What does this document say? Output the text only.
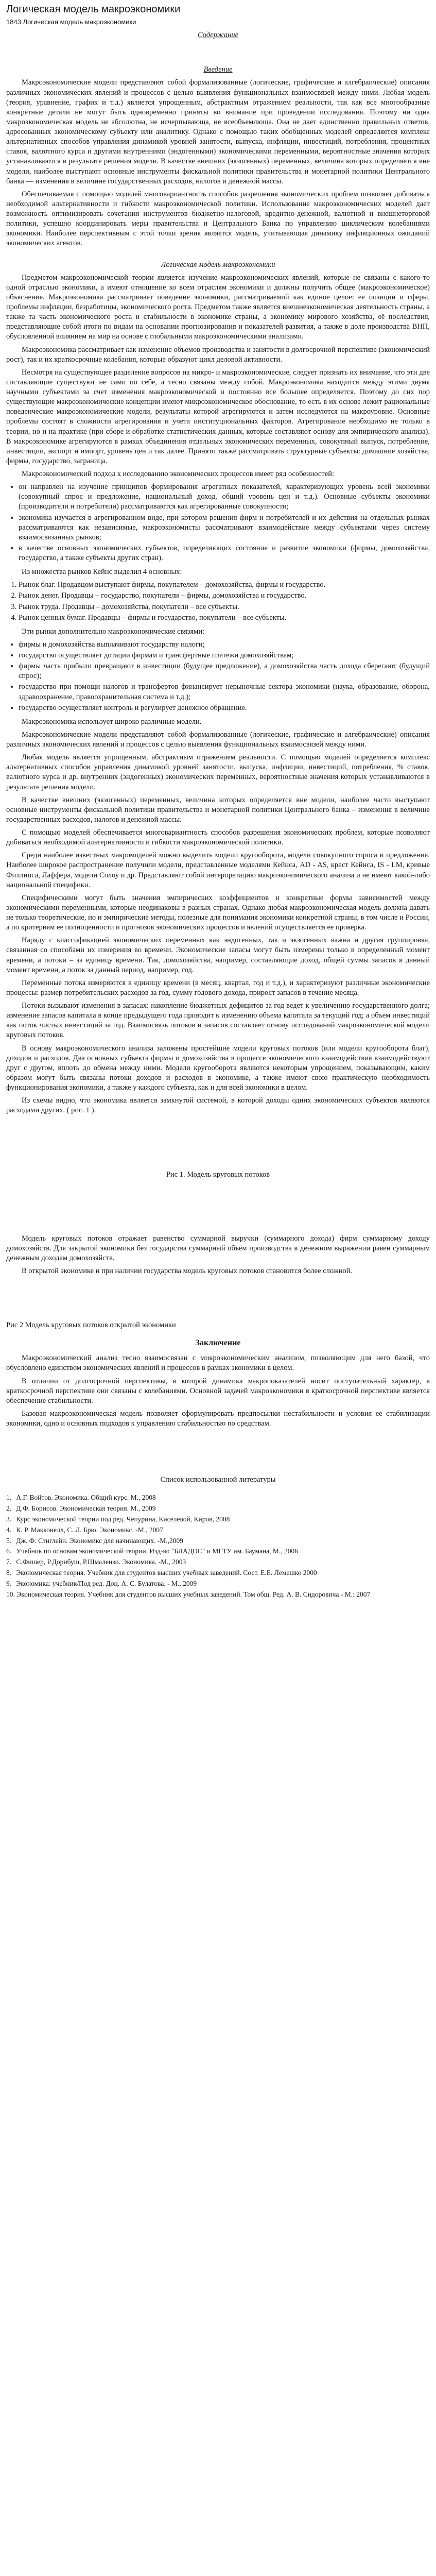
Логическая модель макроэкономики
1843 Логическая модель макроэкономики
Содержание
Введение

Макроэкономические модели представляют собой формализованные (логические, графические и алгебраические) описания различных экономических явлений и процессов с целью выявления функциональных взаимосвязей между ними. Любая модель (теория, уравнение, график и т.д.) является упрощенным, абстрактным отражением реальности, так как все многообразные конкретные детали не могут быть одновременно приняты во внимание при проведении исследования. Поэтому ни одна макроэкономическая модель не абсолютна, не исчерпывающа, не всеобъемлюща. Она не дает единственно правильных ответов, адресованных экономическому субъекту или аналитику. Однако с помощью таких обобщенных моделей определяется комплекс альтернативных способов управления динамикой уровней занятости, выпуска, инфляции, инвестиций, потребления, процентных ставок, валютного курса и другими внутренними (эндогенными) экономическими переменными, вероятностные значения которых устанавливаются в результате решения модели. В качестве внешних (экзогенных) переменных, величина которых определяется вне модели, наиболее выступают основные инструменты фискальной политики правительства и монетарной политики Центрального банка — изменения в величине государственных расходов, налогов и денежной массы.

Обеспечиваемая с помощью моделей многовариантность способов разрешения экономических проблем позволяет добиваться необходимой альтернативности и гибкости макроэкономической политики. Использование макроэкономических моделей дает возможность оптимизировать сочетания инструментов бюджетно-налоговой, кредитно-денежной, валютной и внешнеторговой политики, успешно координировать меры правительства и Центрального Банка по управлению циклическим колебаниями экономики. Наиболее перспективным с этой точки зрения является модель, учитывающая динамику инфляционных ожиданий экономических агентов.

Логическая модель макроэкономики

Предметом макроэкономической теории является изучение макроэкономических явлений, которые не связаны с какого-то одной отраслью экономики, а имеют отношение ко всем отраслям экономики и должны получить общее (макроэкономическое) объяснение. Макроэкономика рассматривает поведение экономики, рассматриваемой как единое целое: ее позиции и сферы, проблемы инфляции, безработицы, экономического роста. Предметом также является внешнеэкономическая деятельность страны, а также та часть экономического роста и стабильности в экономике страны, а экономику мирового хозяйства, её последствия, представляющие собой итоги по видам на основании прогнозирования и показателей развития, а также в доле производства ВНП, обусловленной влиянием на мир на основе с глобальными макроэкономическими анализами.

Макроэкономика рассматривает как изменение объемов производства и занятости в долгосрочной перспективе (экономический рост), так и их краткосрочные колебания, которые образуют цикл деловой активности.

Несмотря на существующее разделение вопросов на микро- и макроэкономические, следует признать их внимание, что эти две составляющие существуют не сами по себе, а тесно связаны между собой. Макроэкономика находится между этими двумя научными субъектами за счет изменения макроэкономической и постоянно все большее определяется. Поэтому до сих пор существующие макроэкономические концепции имеют микроэкономическое обоснование, то есть в их основе лежит рациональные поведенческие макроэкономические модели, результаты которой агрегируются и затем исследуются на макроуровне. Основные проблемы состоят в сложности агрегирования и учета институциональных факторов. Агрегирование необходимо не только в теории, но и на практике (при сборе и обработке статистических данных, которые составляют основу для эмпирического анализа). В макроэкономике агрегируются в рамках объединения отдельных экономических переменных, совокупный выпуск, потребление, инвестиции, экспорт и импорт, уровень цен и так далее. Принято также рассматривать структурные субъекты: домашние хозяйства, фирмы, государство, заграница.

Макроэкономический подход к исследованию экономических процессов имеет ряд особенностей:

• он направлен на изучение принципов формирования агрегатных показателей, характеризующих уровень всей экономики (совокупный спрос и предложение, национальный доход, общий уровень цен и т.д.). Основные субъекты экономики (производители и потребители) рассматриваются как агрегированные совокупности;
• экономика изучается в агрегированном виде, при котором решения фирм и потребителей и их действия на отдельных рынках рассматриваются как независимые, макроэкономисты рассматривают взаимодействие между субъектами через систему взаимосвязанных рынков;
• в качестве основных экономических субъектов, определяющих состояние и развитие экономики (фирмы, домохозяйства, государство, а также субъекты других стран).

Из множества рынков Кейнс выделил 4 основных:

1. Рынок благ. Продавцом выступают фирмы, покупателем – домохозяйства, фирмы и государство.
2. Рынок денег. Продавцы – государство, покупатели – фирмы, домохозяйства и государство.
3. Рынок труда. Продавцы – домохозяйства, покупатели – все субъекты.
4. Рынок ценных бумаг. Продавцы – фирмы и государство, покупатели – все субъекты.

Эти рынки дополнительно макроэкономические связями:

• фирмы и домохозяйства выплачивают государству налоги;
• государство осуществляет дотации фирмам и трансфертные платежи домохозяйствам;
• фирмы часть прибыли превращают в инвестиции (будущее предложение), а домохозяйства часть дохода сберегают (будущий спрос);
• государство при помощи налогов и трансфертов финансирует нерыночные сектора экономики (наука, образование, оборона, здравоохранение, правоохранительная система и т.д.);
• государство осуществляет контроль и регулирует денежное обращение.

Макроэкономика использует широко различные модели.

Макроэкономические модели представляют собой формализованные (логические, графические и алгебраические) описания различных экономических явлений и процессов с целью выявления функциональных взаимосвязей между ними.

Любая модель является упрощенным, абстрактным отражением реальности. С помощью моделей определяется комплекс альтернативных способов управления динамикой уровней занятости, выпуска, инфляции, инвестиций, потребления, % ставок, валютного курса и др. внутренних (эндогенных) экономических переменных, вероятностные значения которых устанавливаются в результате решения модели.

В качестве внешних (экзогенных) переменных, величина которых определяется вне модели, наиболее часто выступают основные инструменты фискальной политики правительства и монетарной политики Центрального банка – изменения в величине государственных расходов, налогов и денежной массы.

С помощью моделей обеспечивается многовариантность способов разрешения экономических проблем, которые позволяют добиваться необходимой альтернативности и гибкости макроэкономической политики.

Среди наиболее известных макромоделей можно выделить модели кругооборота, модели совокупного спроса и предложения. Наиболее широкое распространение получили модели, представленные моделями Кейнса, AD - AS, крест Кейнса, IS - LM, кривые Филлипса, Лаффера, модели Солоу и др. Представляют собой интерпретацию макроэкономического анализа и не имеют какой-либо национальной специфики.

Специфическими могут быть значения эмпирических коэффициентов и конкретные формы зависимостей между экономическими переменными, которые неодинаковы в разных странах. Однако любая макроэкономическая модель должна давать не только теоретические, но и эмпирические методы, полезные для понимания экономики конкретной страны, в том числе и России, а по критериям ее полноценности и прогнозов экономических процессов и явлений осуществляется ее проверка.

Наряду с классификацией экономических переменных как эндогенных, так и экзогенных важна и другая группировка, связанная со способами их измерения во времени. Экономические запасы могут быть измерены только в определенный момент времени, а потоки – за единицу времени. Так, домохозяйства, например, составляющие доход, общей суммы запасов в данный момент времени, а поток за данный период, например, год.

Переменные потока измеряются в единицу времени (в месяц, квартал, год и т.д.), и характеризуют различные экономические процессы: размер потребительских расходов за год, сумму годового дохода, прирост запасов в течение месяца.

Потоки вызывают изменения в запасах: накопление бюджетных дефицитов за год ведет к увеличению государственного долга; изменение запасов капитала в конце предыдущего года приводит к изменению объема капитала за текущий год; а объем инвестиций как поток чистых инвестиций за год. Взаимосвязь потоков и запасов составляет основу исследований макроэкономической модели круговых потоков.

В основу макроэкономического анализа заложены простейшие модели круговых потоков (или модели кругооборота благ), доходов и расходов. Два основных субъекта фирмы и домохозяйства в процессе экономического взаимодействия взаимодействуют друг с другом, вплоть до обмена между ними. Модели кругооборота являются некоторым упрощением, показывающим, каким образом могут быть связаны потоки доходов и расходов в экономике, а также имеют свою практическую необходимость функционирования экономики, а также у каждого субъекта, как и для всей экономики в целом.

Из схемы видно, что экономика является замкнутой системой, в которой доходы одних экономических субъектов являются расходами других. ( рис. 1 ).

Рис 1. Модель круговых потоков

Модель круговых потоков отражает равенство суммарной выручки (суммарного дохода) фирм суммарному доходу домохозяйств. Для закрытой экономики без государства суммарный объём производства в денежном выражении равен суммарным денежным доходам домохозяйств.

В открытой экономике и при наличии государства модель круговых потоков становится более сложной.

Рис 2 Модель круговых потоков открытой экономики
Заключение

Макроэкономический анализ тесно взаимосвязан с микроэкономическим анализом, позволяющим для него базой, что обусловлено единством экономических явлений и процессов в рамках экономики в целом.

В отличии от долгосрочной перспективы, в которой динамика макропоказателей носит поступательный характер, в краткосрочной перспективе они связаны с колебаниями. Основной задачей макроэкономики в краткосрочной перспективе является обеспечение стабильности.

Базовая макроэкономическая модель позволяет сформулировать предпосылки нестабильности и условия ее стабилизации экономики, одно и основных подходов к управлению стабильностью по средствам.

Список использованной литературы
1. А.Г. Войтов. Экономика. Общий курс. М., 2008
2. Д.Ф. Борисов. Экономическая теория. М., 2009
3. Курс экономической теории под ред. Чепурина, Киселевой, Киров, 2008
4. К. Р. Макконелл, С. Л. Брю. Экономикс. -М., 2007
5. Дж. Ф. Стиглейн. Экономикс для начинающих. -М.,2009
6. Учебник по основам экономической теории. Изд-во "БЛАДОС" и МГТУ им. Баумана, М., 2006
7. С.Фишер, Р.Дорнбуш, Р.Шмалензи. Экономика. -М., 2003
8. Экономическая теория. Учебник для студентов высших учебных заведений. Сост. Е.Е. Лемешко 2000
9. Экономика: учебник/Под ред. Доц. А. С. Булатова. - М., 2009
10. Экономическая теория. Учебник для студентов высших учебных заведений. Том общ. Ред. А. В. Сидоровича - М.: 2007
